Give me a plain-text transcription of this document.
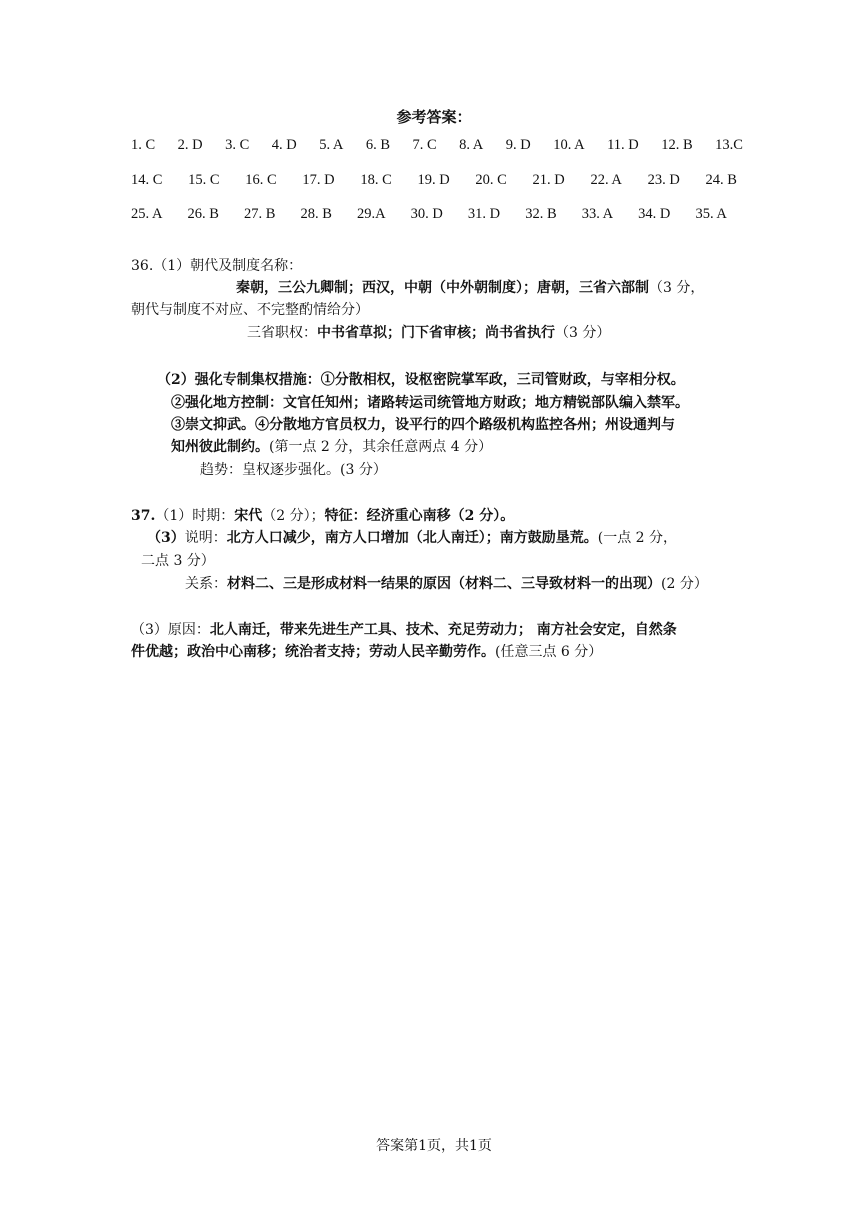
参考答案：
1. C 2. D 3. C 4. D 5. A 6. B 7. C 8. A 9. D 10. A 11. D 12. B 13.C
14. C 15. C 16. C 17. D 18. C 19. D 20. C 21. D 22. A 23. D 24. B
25. A 26. B 27. B 28. B 29.A 30. D 31. D 32. B 33. A 34. D 35. A
36.（1）朝代及制度名称：
秦朝，三公九卿制；西汉，中朝（中外朝制度）；唐朝，三省六部制（3 分，
朝代与制度不对应、不完整酌情给分）
三省职权：中书省草拟；门下省审核；尚书省执行（3 分）
（2）强化专制集权措施：①分散相权，设枢密院掌军政，三司管财政，与宰相分权。
②强化地方控制：文官任知州；诸路转运司统管地方财政；地方精锐部队编入禁军。
③崇文抑武。④分散地方官员权力，设平行的四个路级机构监控各州；州设通判与
知州彼此制约。(第一点 2 分，其余任意两点 4 分）
趋势：皇权逐步强化。(3 分）
37.（1）时期：宋代（2 分）；特征：经济重心南移（2 分）。
（3）说明：北方人口减少，南方人口增加（北人南迁）；南方鼓励垦荒。(一点 2 分，
二点 3 分）
关系：材料二、三是形成材料一结果的原因（材料二、三导致材料一的出现）(2 分）
（3）原因：北人南迁，带来先进生产工具、技术、充足劳动力； 南方社会安定，自然条
件优越；政治中心南移；统治者支持；劳动人民辛勤劳作。(任意三点 6 分）
答案第1页，共1页
